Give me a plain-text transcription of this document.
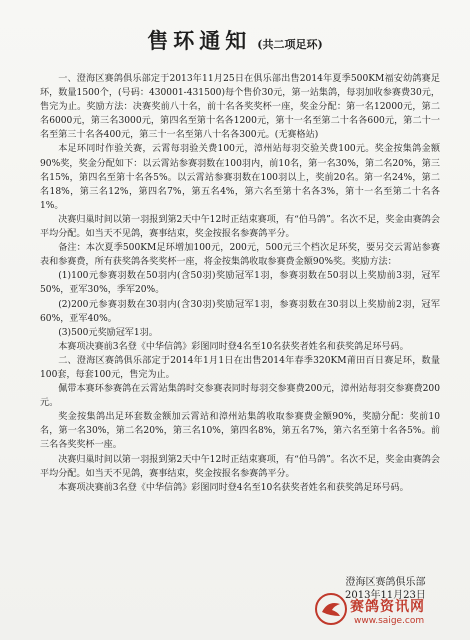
售环通知 (共二项足环)

一、澄海区赛鸽俱乐部定于2013年11月25日在俱乐部出售2014年夏季500KM福安幼鸽赛足环，数量1500个，(号码：430001-431500)每个售价30元，第一站集鸽，每羽加收参赛费30元，售完为止。奖励方法：决赛奖前八十名，前十名各奖奖杯一座，奖金分配：第一名12000元，第二名6000元，第三名3000元，第四名至第十名各1200元，第十一名至第二十名各600元，第二十一名至第三十名各400元，第三十一名至第八十名各300元。(无赛格站)

本足环同时作验关赛，云霄每羽验关费100元，漳州站每羽交验关费100元。奖金按集鸽金额90%奖，奖金分配如下：以云霄站参赛羽数在100羽内，前10名，第一名30%，第二名20%，第三名15%，第四名至第十名各5%。以云霄站参赛羽数在100羽以上，奖前20名。第一名24%，第二名18%，第三名12%，第四名7%，第五名4%，第六名至第十名各3%，第十一名至第二十名各1%。

决赛归巢时间以第一羽报到第2天中午12时正结束赛项，有“伯马鸽”。名次不足，奖金由赛鸽会平均分配。如当天不见鸽，赛事结束，奖金按报名参赛鸽平分。

备注：本次夏季500KM足环增加100元，200元，500元三个档次足环奖，要另交云霄站参赛表和参赛费，所有获奖鸽各奖奖杯一座，将金按集鸽收取参赛费金额90%奖。奖励方法：

(1)100元参赛羽数在50羽内(含50羽)奖励冠军1羽，参赛羽数在50羽以上奖励前3羽，冠军50%，亚军30%，季军20%。

(2)200元参赛羽数在30羽内(含30羽)奖励冠军1羽，参赛羽数在30羽以上奖励前2羽，冠军60%，亚军40%。

(3)500元奖励冠军1羽。

本赛项决赛前3名登《中华信鸽》彩图同时登4名至10名获奖者姓名和获奖鸽足环号码。

二、澄海区赛鸽俱乐部定于2014年1月1日在出售2014年春季320KM莆田百日赛足环，数量100套，每套100元，售完为止。

佩带本赛环参赛鸽在云霄站集鸽时交参赛表同时每羽交参赛费200元，漳州站每羽交参赛费200元。

奖金按集鸽出足环套数金额加云霄站和漳州站集鸽收取参赛费金额90%，奖励分配：奖前10名，第一名30%，第二名20%，第三名10%，第四名8%，第五名7%，第六名至第十名各5%。前三名各奖奖杯一座。

决赛归巢时间以第一羽报到第2天中午12时正结束赛项，有“伯马鸽”。名次不足，奖金由赛鸽会平均分配。如当天不见鸽，赛事结束，奖金按报名参赛鸽平分。

本赛项决赛前3名登《中华信鸽》彩图同时登4名至10名获奖者姓名和获奖鸽足环号码。

澄海区赛鸽俱乐部
2013年11月23日
赛鸽资讯网
www.saige.com
